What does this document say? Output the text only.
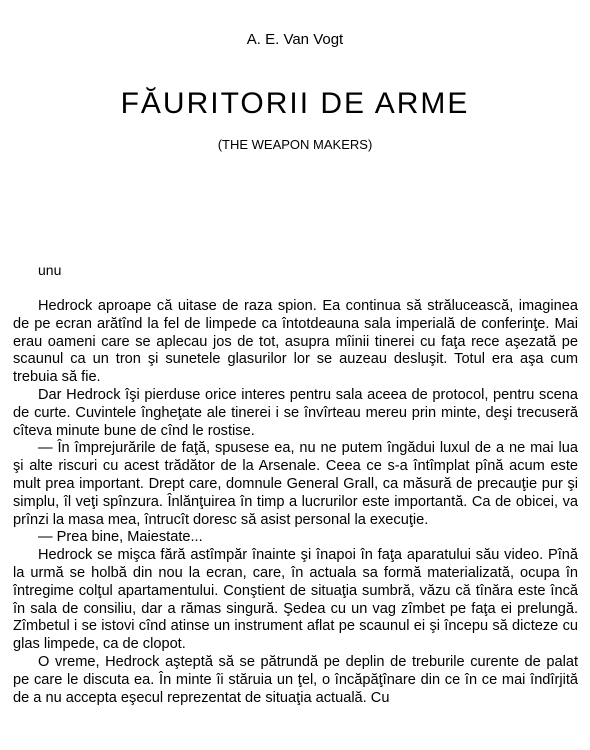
A. E. Van Vogt
FĂURITORII DE ARME
(THE WEAPON MAKERS)
unu

Hedrock aproape că uitase de raza spion. Ea continua să strălucească, imaginea de pe ecran arătînd la fel de limpede ca întotdeauna sala imperială de conferinţe. Mai erau oameni care se aplecau jos de tot, asupra mîinii tinerei cu faţa rece aşezată pe scaunul ca un tron şi sunetele glasurilor lor se auzeau desluşit. Totul era aşa cum trebuia să fie.

Dar Hedrock îşi pierduse orice interes pentru sala aceea de protocol, pentru scena de curte. Cuvintele îngheţate ale tinerei i se învîrteau mereu prin minte, deşi trecuseră cîteva minute bune de cînd le rostise.

— În împrejurările de faţă, spusese ea, nu ne putem îngădui luxul de a ne mai lua şi alte riscuri cu acest trădător de la Arsenale. Ceea ce s-a întîmplat pînă acum este mult prea important. Drept care, domnule General Grall, ca măsură de precauţie pur şi simplu, îl veţi spînzura. Înlănţuirea în timp a lucrurilor este importantă. Ca de obicei, va prînzi la masa mea, întrucît doresc să asist personal la execuţie.

— Prea bine, Maiestate...

Hedrock se mişca fără astîmpăr înainte şi înapoi în faţa aparatului său video. Pînă la urmă se holbă din nou la ecran, care, în actuala sa formă materializată, ocupa în întregime colţul apartamentului. Conştient de situaţia sumbră, văzu că tînăra este încă în sala de consiliu, dar a rămas singură. Şedea cu un vag zîmbet pe faţa ei prelungă. Zîmbetul i se istovi cînd atinse un instrument aflat pe scaunul ei şi începu să dicteze cu glas limpede, ca de clopot.

O vreme, Hedrock aşteptă să se pătrundă pe deplin de treburile curente de palat pe care le discuta ea. În minte îi stăruia un ţel, o încăpăţînare din ce în ce mai îndîrjită de a nu accepta eşecul reprezentat de situaţia actuală. Cu
